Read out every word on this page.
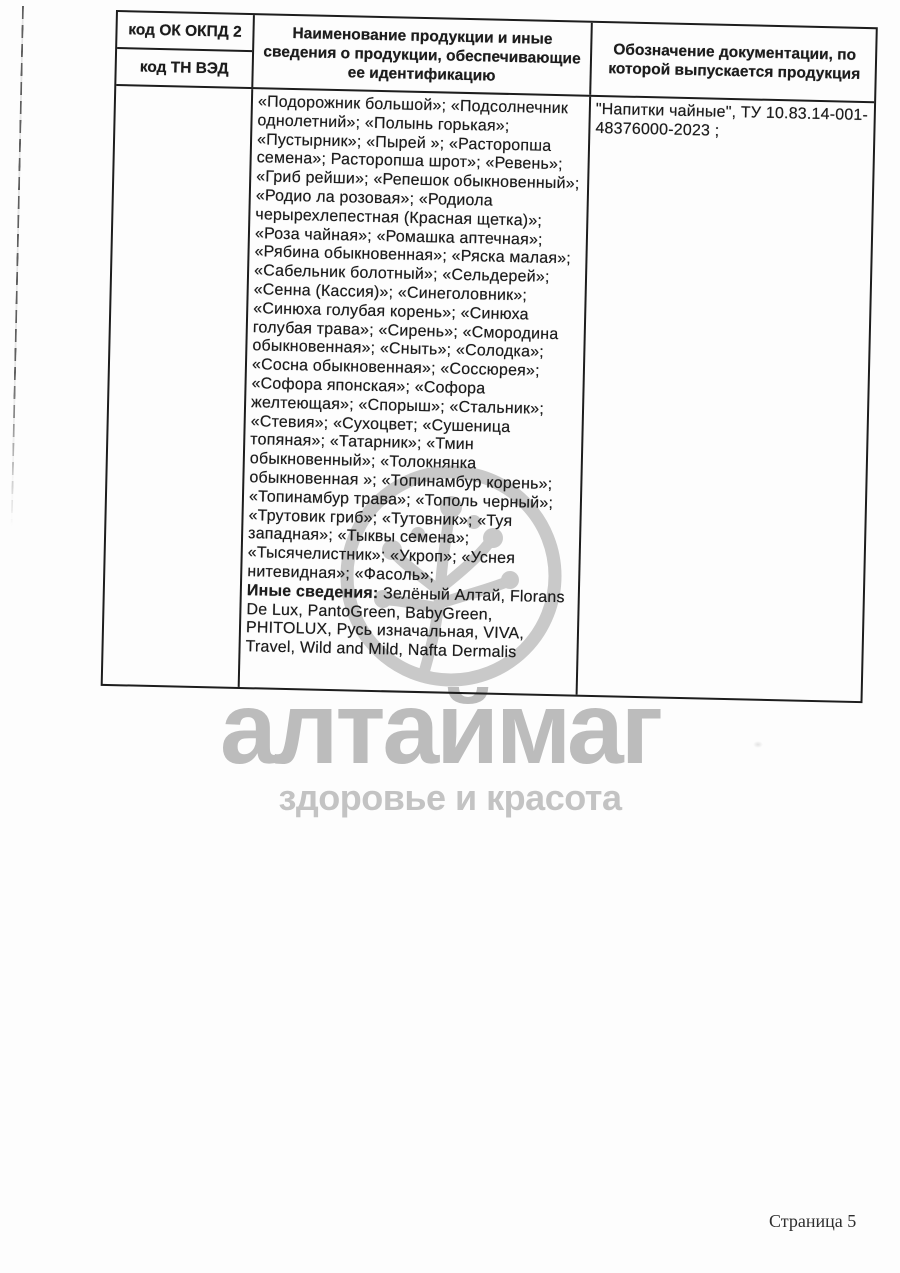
алтаймаг
здоровье и красота
код ОК ОКПД 2
код ТН ВЭД
Наименование продукции и иные сведения о продукции, обеспечивающие ее идентификацию
Обозначение документации, по которой выпускается продукция
«Подорожник большой»; «Подсолнечник однолетний»; «Полынь горькая»; «Пустырник»; «Пырей »; «Расторопша семена»; Расторопша шрот»; «Ревень»; «Гриб рейши»; «Репешок обыкновенный»; «Родио ла розовая»; «Родиола черырехлепестная (Красная щетка)»; «Роза чайная»; «Ромашка аптечная»; «Рябина обыкновенная»; «Ряска малая»; «Сабельник болотный»; «Сельдерей»; «Сенна (Кассия)»; «Синеголовник»; «Синюха голубая корень»; «Синюха голубая трава»; «Сирень»; «Смородина обыкновенная»; «Сныть»; «Солодка»; «Сосна обыкновенная»; «Соссюрея»; «Софора японская»; «Софора желтеющая»; «Спорыш»; «Стальник»; «Стевия»; «Сухоцвет; «Сушеница топяная»; «Татарник»; «Тмин обыкновенный»; «Толокнянка обыкновенная »; «Топинамбур корень»; «Топинамбур трава»; «Тополь черный»; «Трутовик гриб»; «Тутовник»; «Туя западная»; «Тыквы семена»; «Тысячелистник»; «Укроп»; «Уснея нитевидная»; «Фасоль»;
Иные сведения: Зелёный Алтай, Florans De Lux, PantoGreen, BabyGreen, PHITOLUX, Русь изначальная, VIVA, Travel, Wild and Mild, Nafta Dermalis
"Напитки чайные", ТУ 10.83.14-001-48376000-2023 ;
Страница 5
